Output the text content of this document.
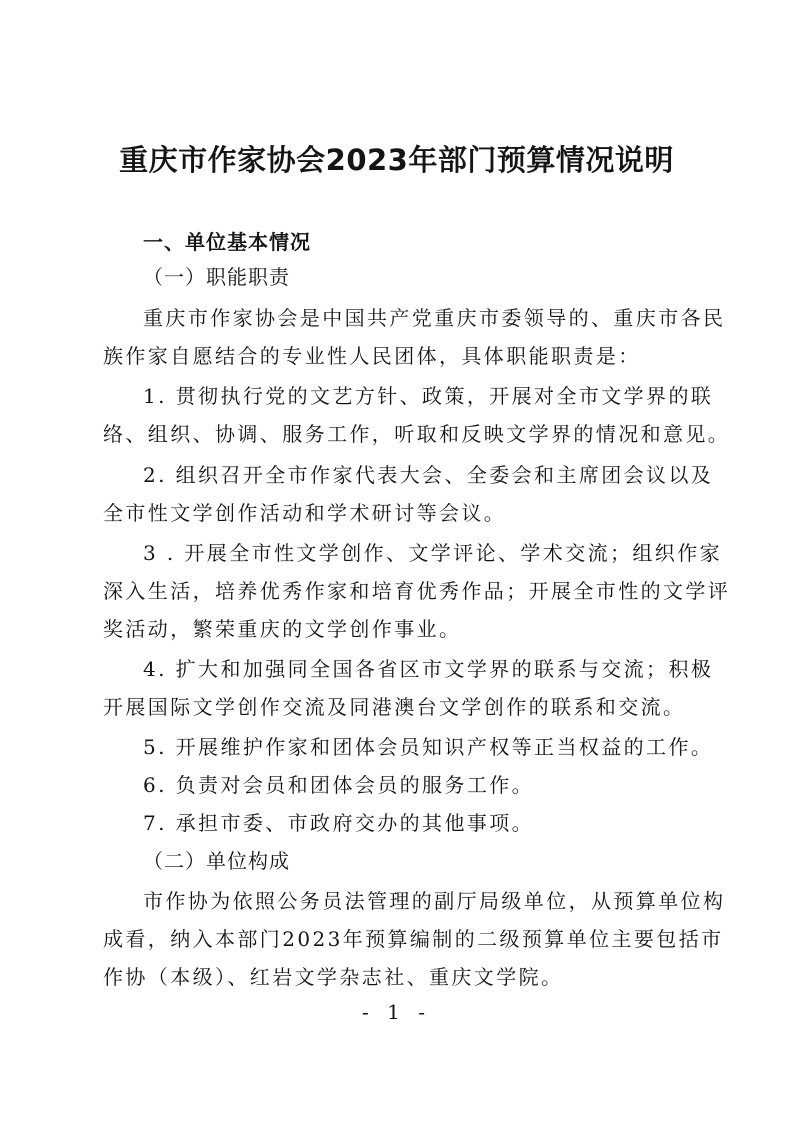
重庆市作家协会2023年部门预算情况说明

一、单位基本情况

（一）职能职责

重庆市作家协会是中国共产党重庆市委领导的、重庆市各民

族作家自愿结合的专业性人民团体，具体职能职责是：

1. 贯彻执行党的文艺方针、政策，开展对全市文学界的联

络、组织、协调、服务工作，听取和反映文学界的情况和意见。

2. 组织召开全市作家代表大会、全委会和主席团会议以及

全市性文学创作活动和学术研讨等会议。

3 . 开展全市性文学创作、文学评论、学术交流；组织作家

深入生活，培养优秀作家和培育优秀作品；开展全市性的文学评

奖活动，繁荣重庆的文学创作事业。

4. 扩大和加强同全国各省区市文学界的联系与交流；积极

开展国际文学创作交流及同港澳台文学创作的联系和交流。

5. 开展维护作家和团体会员知识产权等正当权益的工作。

6. 负责对会员和团体会员的服务工作。

7. 承担市委、市政府交办的其他事项。

（二）单位构成

市作协为依照公务员法管理的副厅局级单位，从预算单位构

成看，纳入本部门2023年预算编制的二级预算单位主要包括市

作协（本级）、红岩文学杂志社、重庆文学院。

- 1 -
